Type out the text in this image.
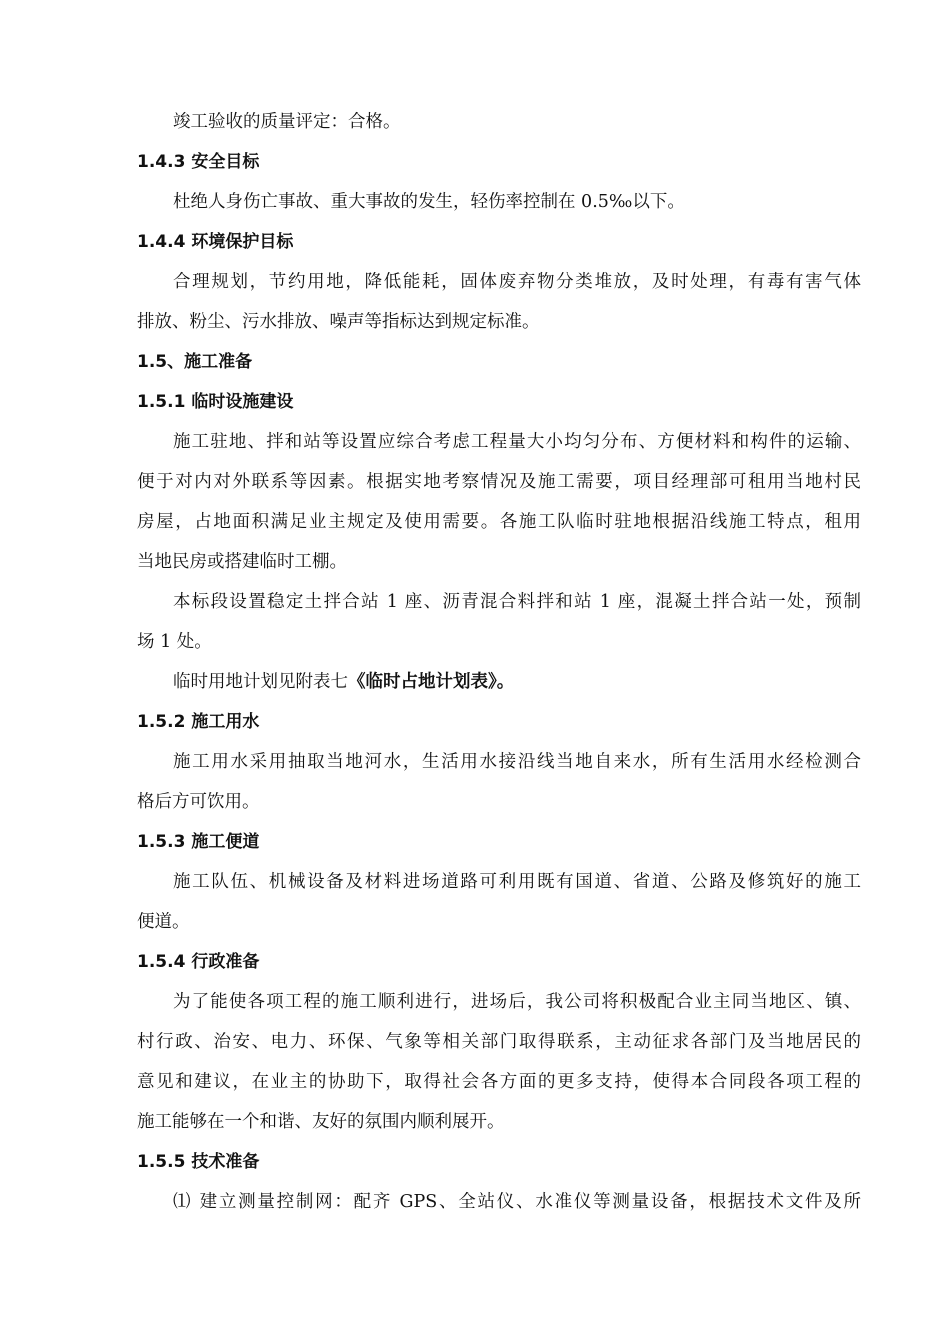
竣工验收的质量评定：合格。
1.4.3 安全目标
杜绝人身伤亡事故、重大事故的发生，轻伤率控制在 0.5‰以下。
1.4.4 环境保护目标
合理规划，节约用地，降低能耗，固体废弃物分类堆放，及时处理，有毒有害气体
排放、粉尘、污水排放、噪声等指标达到规定标准。
1.5、施工准备
1.5.1 临时设施建设
施工驻地、拌和站等设置应综合考虑工程量大小均匀分布、方便材料和构件的运输、
便于对内对外联系等因素。根据实地考察情况及施工需要，项目经理部可租用当地村民
房屋，占地面积满足业主规定及使用需要。各施工队临时驻地根据沿线施工特点，租用
当地民房或搭建临时工棚。
本标段设置稳定土拌合站 1 座、沥青混合料拌和站 1 座，混凝土拌合站一处，预制
场 1 处。
临时用地计划见附表七《临时占地计划表》。
1.5.2 施工用水
施工用水采用抽取当地河水，生活用水接沿线当地自来水，所有生活用水经检测合
格后方可饮用。
1.5.3 施工便道
施工队伍、机械设备及材料进场道路可利用既有国道、省道、公路及修筑好的施工
便道。
1.5.4 行政准备
为了能使各项工程的施工顺利进行，进场后，我公司将积极配合业主同当地区、镇、
村行政、治安、电力、环保、气象等相关部门取得联系，主动征求各部门及当地居民的
意见和建议，在业主的协助下，取得社会各方面的更多支持，使得本合同段各项工程的
施工能够在一个和谐、友好的氛围内顺利展开。
1.5.5 技术准备
⑴ 建立测量控制网：配齐 GPS、全站仪、水准仪等测量设备，根据技术文件及所
